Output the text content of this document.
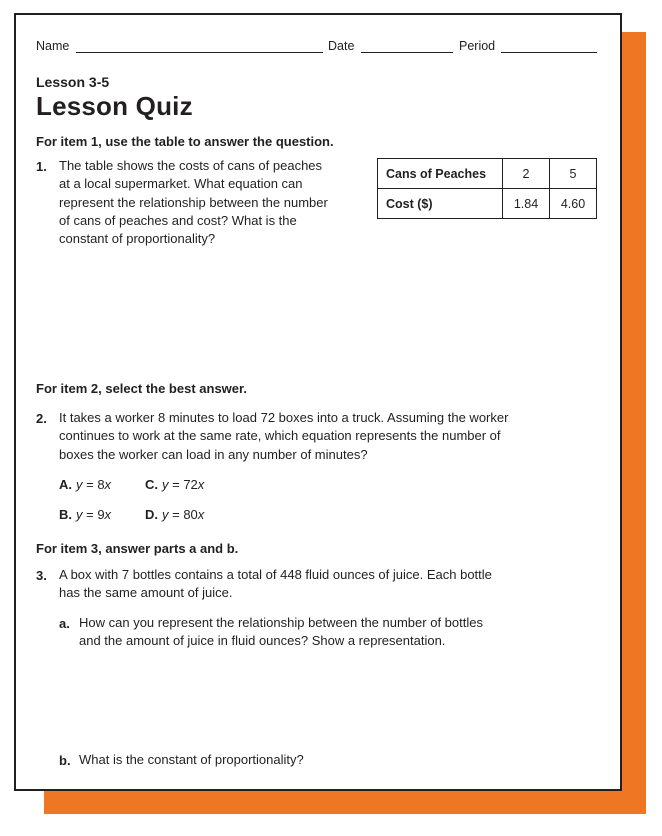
Name	Date	Period
Lesson 3-5
Lesson Quiz
For item 1, use the table to answer the question.
1. The table shows the costs of cans of peaches
at a local supermarket. What equation can
represent the relationship between the number
of cans of peaches and cost? What is the
constant of proportionality?
Cans of Peaches	2	5
Cost ($)	1.84	4.60
For item 2, select the best answer.
2. It takes a worker 8 minutes to load 72 boxes into a truck. Assuming the worker
continues to work at the same rate, which equation represents the number of
boxes the worker can load in any number of minutes?
A. y = 8x	C. y = 72x
B. y = 9x	D. y = 80x
For item 3, answer parts a and b.
3. A box with 7 bottles contains a total of 448 fluid ounces of juice. Each bottle
has the same amount of juice.
a. How can you represent the relationship between the number of bottles
and the amount of juice in fluid ounces? Show a representation.
b. What is the constant of proportionality?
